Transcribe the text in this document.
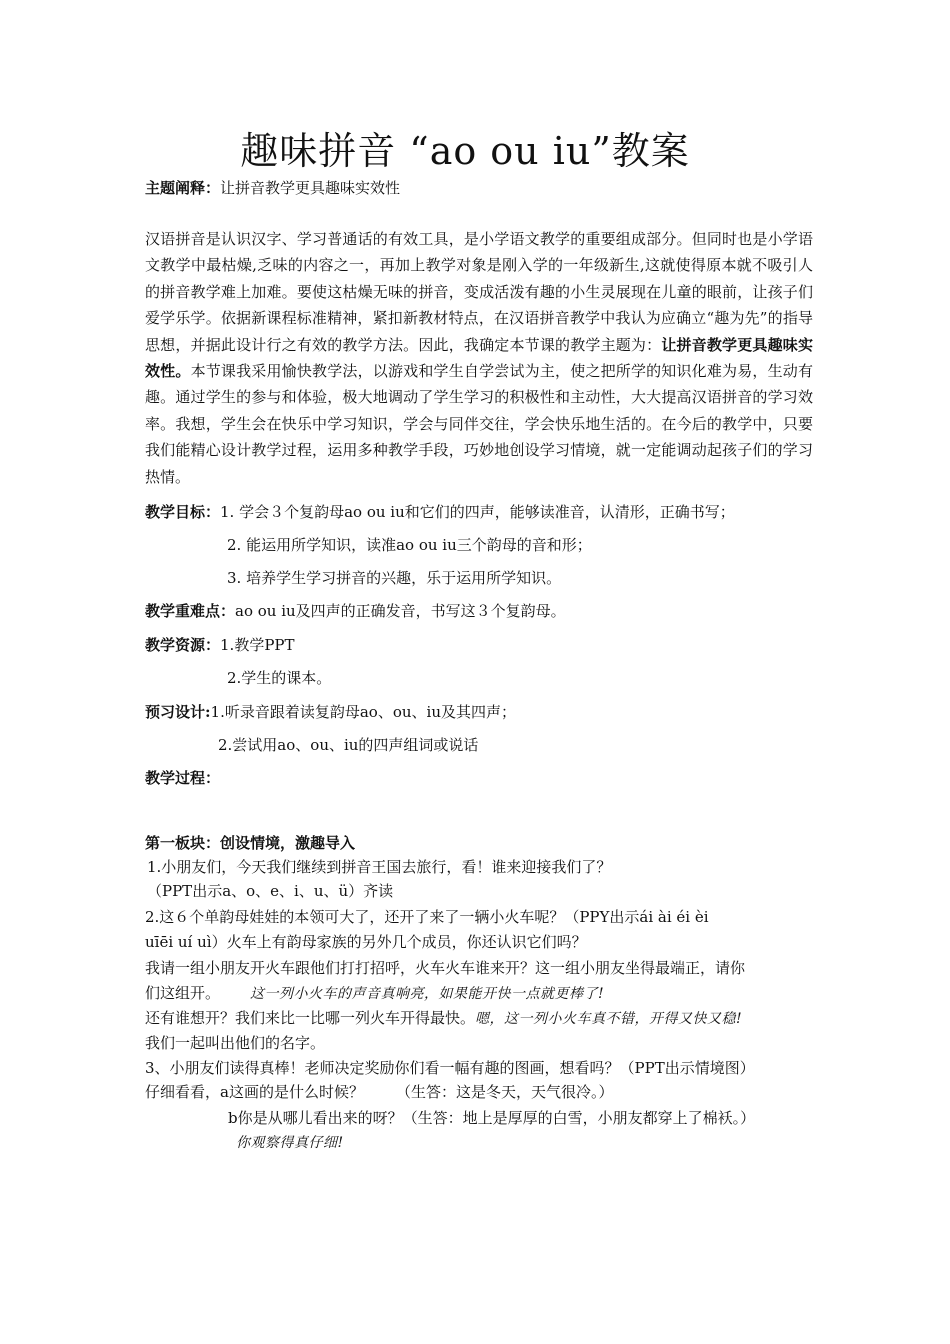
趣味拼音 “ao ou iu”教案
主题阐释：让拼音教学更具趣味实效性
汉语拼音是认识汉字、学习普通话的有效工具，是小学语文教学的重要组成部分。但同时也是小学语文教学中最枯燥,乏味的内容之一，再加上教学对象是刚入学的一年级新生,这就使得原本就不吸引人的拼音教学难上加难。要使这枯燥无味的拼音，变成活泼有趣的小生灵展现在儿童的眼前，让孩子们爱学乐学。依据新课程标准精神，紧扣新教材特点，在汉语拼音教学中我认为应确立“趣为先”的指导思想，并据此设计行之有效的教学方法。因此，我确定本节课的教学主题为：让拼音教学更具趣味实效性。本节课我采用愉快教学法，以游戏和学生自学尝试为主，使之把所学的知识化难为易，生动有趣。通过学生的参与和体验，极大地调动了学生学习的积极性和主动性，大大提高汉语拼音的学习效率。我想，学生会在快乐中学习知识，学会与同伴交往，学会快乐地生活的。在今后的教学中，只要我们能精心设计教学过程，运用多种教学手段，巧妙地创设学习情境，就一定能调动起孩子们的学习热情。
教学目标：1. 学会３个复韵母ao ou iu和它们的四声，能够读准音，认清形，正确书写；
2. 能运用所学知识，读准ao ou iu三个韵母的音和形；
3. 培养学生学习拼音的兴趣，乐于运用所学知识。
教学重难点：ao ou iu及四声的正确发音，书写这３个复韵母。
教学资源：1.教学PPT
2.学生的课本。
预习设计:1.听录音跟着读复韵母ao、ou、iu及其四声；
2.尝试用ao、ou、iu的四声组词或说话
教学过程：
第一板块：创设情境，激趣导入
1.小朋友们，今天我们继续到拼音王国去旅行，看！谁来迎接我们了？
（PPT出示a、o、e、i、u、ü）齐读
2.这６个单韵母娃娃的本领可大了，还开了来了一辆小火车呢？（PPY出示ái ài éi èi
uīēi uí uì）火车上有韵母家族的另外几个成员，你还认识它们吗？
我请一组小朋友开火车跟他们打打招呼，火车火车谁来开？这一组小朋友坐得最端正，请你
们这组开。 这一列小火车的声音真响亮，如果能开快一点就更棒了!
还有谁想开？我们来比一比哪一列火车开得最快。嗯，这一列小火车真不错，开得又快又稳!
我们一起叫出他们的名字。
3、小朋友们读得真棒！老师决定奖励你们看一幅有趣的图画，想看吗？（PPT出示情境图）
仔细看看，a这画的是什么时候？ （生答：这是冬天，天气很冷。）
b你是从哪儿看出来的呀？（生答：地上是厚厚的白雪，小朋友都穿上了棉袄。）
你观察得真仔细!
